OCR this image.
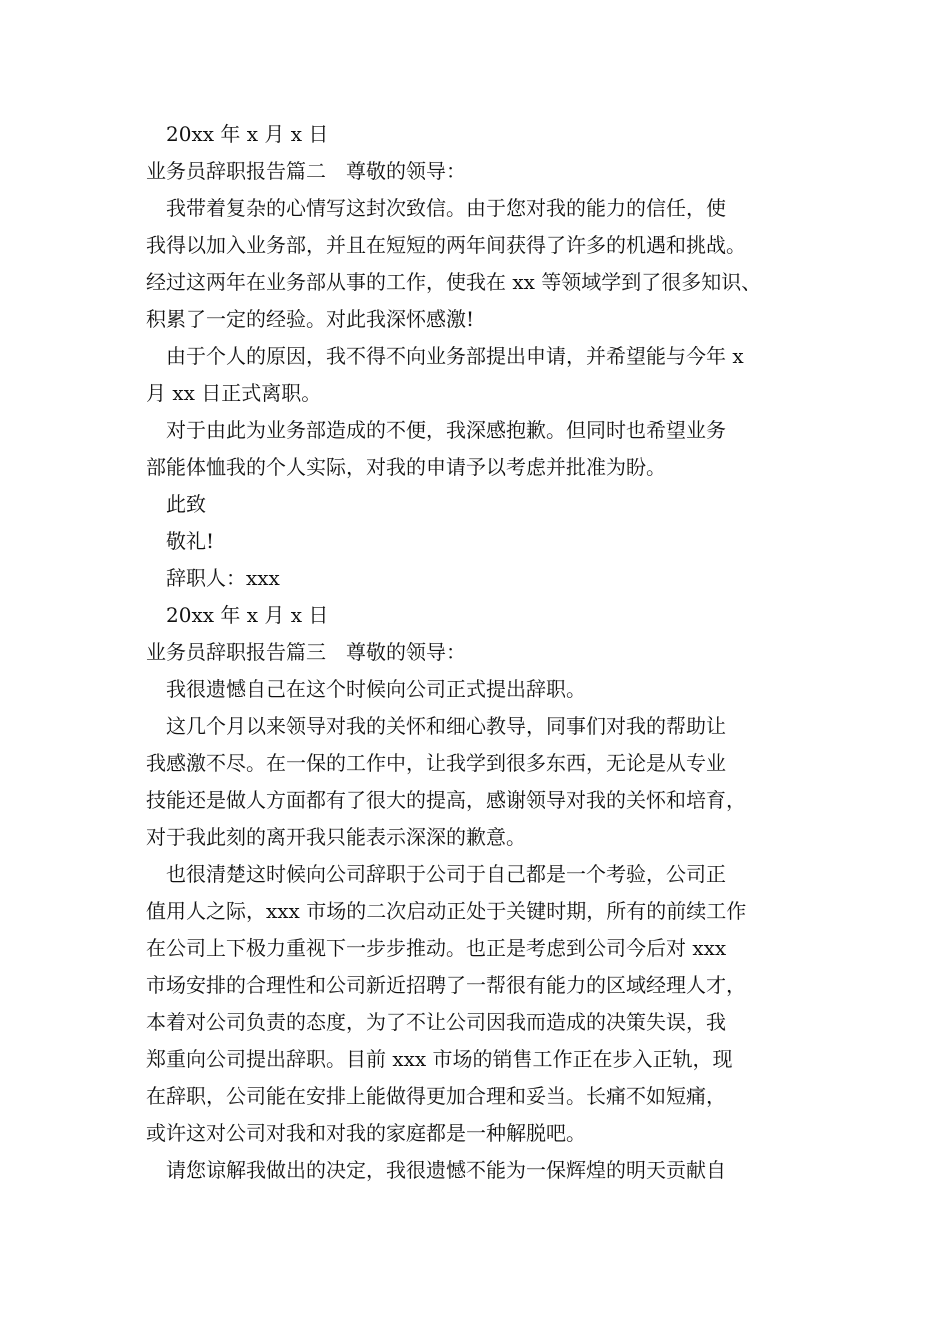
20xx 年 x 月 x 日
业务员辞职报告篇二　尊敬的领导：
我带着复杂的心情写这封次致信。由于您对我的能力的信任，使
我得以加入业务部，并且在短短的两年间获得了许多的机遇和挑战。
经过这两年在业务部从事的工作，使我在 xx 等领域学到了很多知识、
积累了一定的经验。对此我深怀感激!
由于个人的原因，我不得不向业务部提出申请，并希望能与今年 x
月 xx 日正式离职。
对于由此为业务部造成的不便，我深感抱歉。但同时也希望业务
部能体恤我的个人实际，对我的申请予以考虑并批准为盼。
此致
敬礼!
辞职人：xxx
20xx 年 x 月 x 日
业务员辞职报告篇三　尊敬的领导：
我很遗憾自己在这个时候向公司正式提出辞职。
这几个月以来领导对我的关怀和细心教导，同事们对我的帮助让
我感激不尽。在一保的工作中，让我学到很多东西，无论是从专业
技能还是做人方面都有了很大的提高，感谢领导对我的关怀和培育，
对于我此刻的离开我只能表示深深的歉意。
也很清楚这时候向公司辞职于公司于自己都是一个考验，公司正
值用人之际，xxx 市场的二次启动正处于关键时期，所有的前续工作
在公司上下极力重视下一步步推动。也正是考虑到公司今后对 xxx
市场安排的合理性和公司新近招聘了一帮很有能力的区域经理人才，
本着对公司负责的态度，为了不让公司因我而造成的决策失误，我
郑重向公司提出辞职。目前 xxx 市场的销售工作正在步入正轨，现
在辞职，公司能在安排上能做得更加合理和妥当。长痛不如短痛，
或许这对公司对我和对我的家庭都是一种解脱吧。
请您谅解我做出的决定，我很遗憾不能为一保辉煌的明天贡献自
